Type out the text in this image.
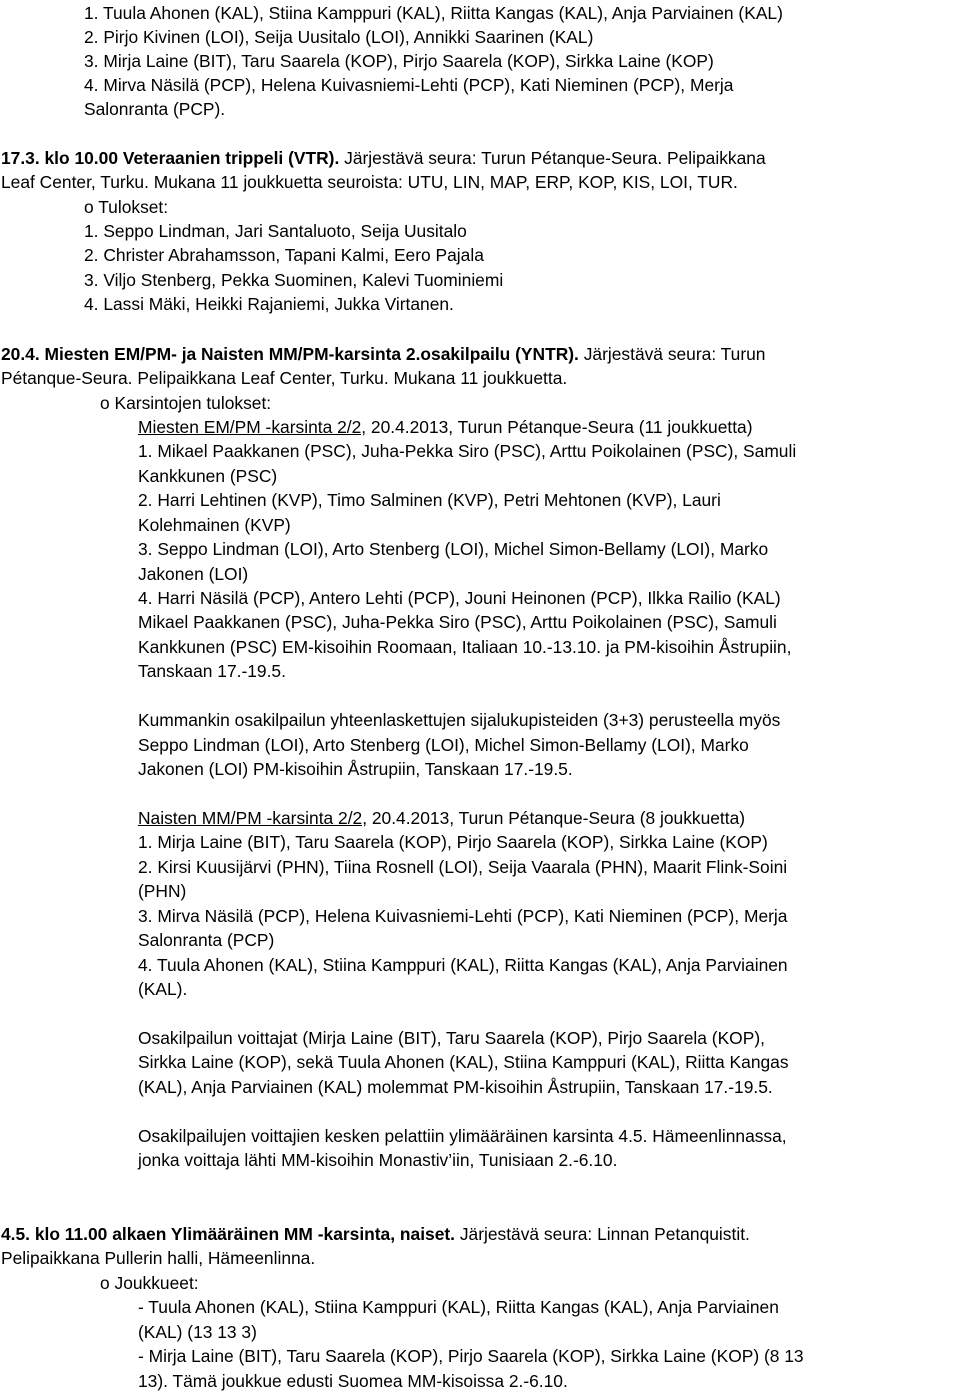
1. Tuula Ahonen (KAL), Stiina Kamppuri (KAL), Riitta Kangas (KAL), Anja Parviainen (KAL)
2. Pirjo Kivinen (LOI), Seija Uusitalo (LOI), Annikki Saarinen (KAL)
3. Mirja Laine (BIT), Taru Saarela (KOP), Pirjo Saarela (KOP), Sirkka Laine (KOP)
4. Mirva Näsilä (PCP), Helena Kuivasniemi-Lehti (PCP), Kati Nieminen (PCP), Merja
Salonranta (PCP).
17.3. klo 10.00 Veteraanien trippeli (VTR). Järjestävä seura: Turun Pétanque-Seura. Pelipaikkana
Leaf Center, Turku. Mukana 11 joukkuetta seuroista: UTU, LIN, MAP, ERP, KOP, KIS, LOI, TUR.
o Tulokset:
1. Seppo Lindman, Jari Santaluoto, Seija Uusitalo
2. Christer Abrahamsson, Tapani Kalmi, Eero Pajala
3. Viljo Stenberg, Pekka Suominen, Kalevi Tuominiemi
4. Lassi Mäki, Heikki Rajaniemi, Jukka Virtanen.
20.4. Miesten EM/PM- ja Naisten MM/PM-karsinta 2.osakilpailu (YNTR). Järjestävä seura: Turun
Pétanque-Seura. Pelipaikkana Leaf Center, Turku. Mukana 11 joukkuetta.
o Karsintojen tulokset:
Miesten EM/PM -karsinta 2/2, 20.4.2013, Turun Pétanque-Seura (11 joukkuetta)
1. Mikael Paakkanen (PSC), Juha-Pekka Siro (PSC), Arttu Poikolainen (PSC), Samuli
Kankkunen (PSC)
2. Harri Lehtinen (KVP), Timo Salminen (KVP), Petri Mehtonen (KVP), Lauri
Kolehmainen (KVP)
3. Seppo Lindman (LOI), Arto Stenberg (LOI), Michel Simon-Bellamy (LOI), Marko
Jakonen (LOI)
4. Harri Näsilä (PCP), Antero Lehti (PCP), Jouni Heinonen (PCP), Ilkka Railio (KAL)
Mikael Paakkanen (PSC), Juha-Pekka Siro (PSC), Arttu Poikolainen (PSC), Samuli
Kankkunen (PSC) EM-kisoihin Roomaan, Italiaan 10.-13.10. ja PM-kisoihin Åstrupiin,
Tanskaan 17.-19.5.
Kummankin osakilpailun yhteenlaskettujen sijalukupisteiden (3+3) perusteella myös
Seppo Lindman (LOI), Arto Stenberg (LOI), Michel Simon-Bellamy (LOI), Marko
Jakonen (LOI) PM-kisoihin Åstrupiin, Tanskaan 17.-19.5.
Naisten MM/PM -karsinta 2/2, 20.4.2013, Turun Pétanque-Seura (8 joukkuetta)
1. Mirja Laine (BIT), Taru Saarela (KOP), Pirjo Saarela (KOP), Sirkka Laine (KOP)
2. Kirsi Kuusijärvi (PHN), Tiina Rosnell (LOI), Seija Vaarala (PHN), Maarit Flink-Soini
(PHN)
3. Mirva Näsilä (PCP), Helena Kuivasniemi-Lehti (PCP), Kati Nieminen (PCP), Merja
Salonranta (PCP)
4. Tuula Ahonen (KAL), Stiina Kamppuri (KAL), Riitta Kangas (KAL), Anja Parviainen
(KAL).
Osakilpailun voittajat (Mirja Laine (BIT), Taru Saarela (KOP), Pirjo Saarela (KOP),
Sirkka Laine (KOP), sekä Tuula Ahonen (KAL), Stiina Kamppuri (KAL), Riitta Kangas
(KAL), Anja Parviainen (KAL) molemmat PM-kisoihin Åstrupiin, Tanskaan 17.-19.5.
Osakilpailujen voittajien kesken pelattiin ylimääräinen karsinta 4.5. Hämeenlinnassa,
jonka voittaja lähti MM-kisoihin Monastiv’iin, Tunisiaan 2.-6.10.
4.5. klo 11.00 alkaen Ylimääräinen MM -karsinta, naiset. Järjestävä seura: Linnan Petanquistit.
Pelipaikkana Pullerin halli, Hämeenlinna.
o Joukkueet:
- Tuula Ahonen (KAL), Stiina Kamppuri (KAL), Riitta Kangas (KAL), Anja Parviainen
(KAL) (13 13 3)
- Mirja Laine (BIT), Taru Saarela (KOP), Pirjo Saarela (KOP), Sirkka Laine (KOP) (8 13
13). Tämä joukkue edusti Suomea MM-kisoissa 2.-6.10.
